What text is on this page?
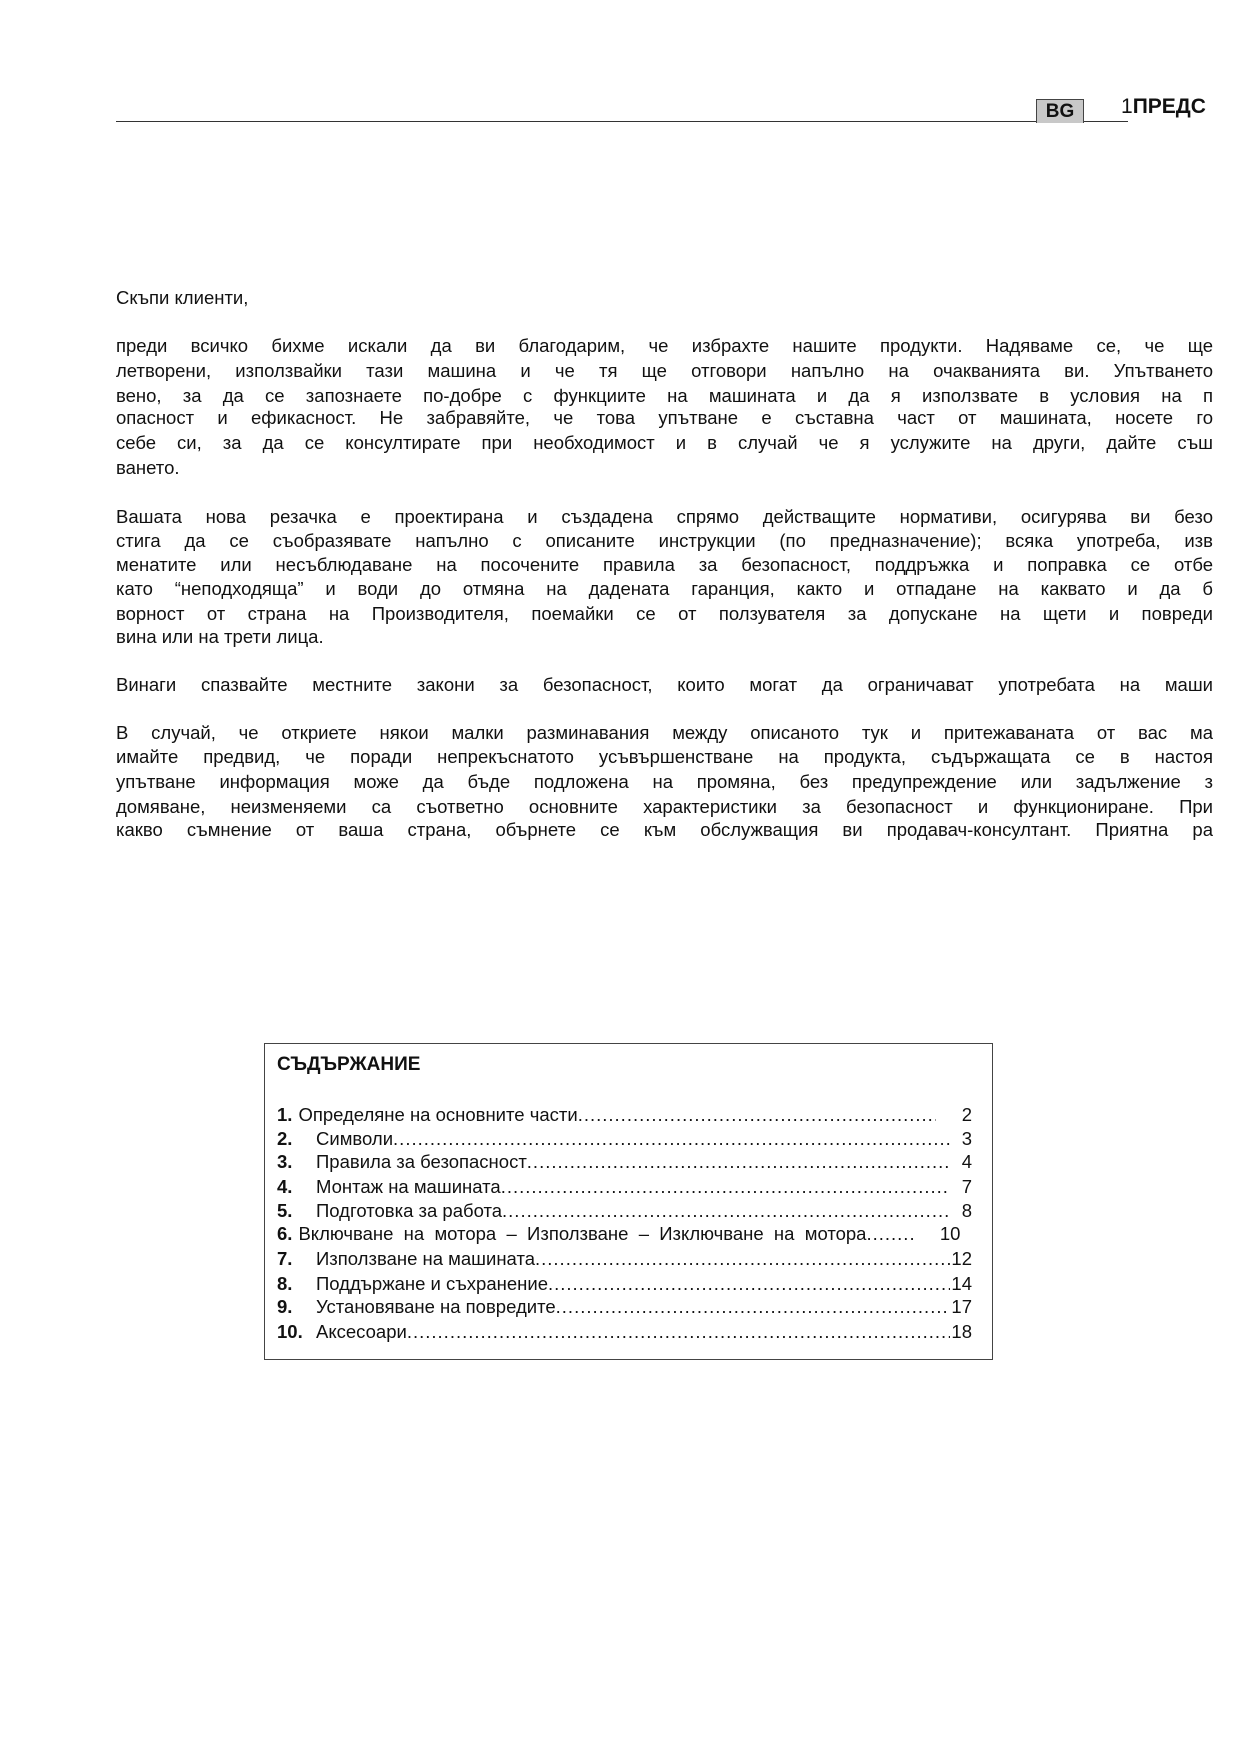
BG	1ПРЕДС
Скъпи клиенти,
преди всичко бихме искали да ви благодарим, че избрахте нашите продукти. Надяваме се, че ще
летворени, използвайки тази машина и че тя ще отговори напълно на очакванията ви. Упътването
вено, за да се запознаете по-добре с функциите на машината и да я използвате в условия на п
опасност и ефикасност. Не забравяйте, че това упътване е съставна част от машината, носете го
себе си, за да се консултирате при необходимост и в случай че я услужите на други, дайте съш
ването.
Вашата нова резачка е проектирана и създадена спрямо действащите нормативи, осигурява ви безо
стига да се съобразявате напълно с описаните инструкции (по предназначение); всяка употреба, изв
менатите или несъблюдаване на посочените правила за безопасност, поддръжка и поправка се отбе
като “неподходяща” и води до отмяна на дадената гаранция, както и отпадане на каквато и да б
ворност от страна на Производителя, поемайки се от ползувателя за допускане на щети и повреди
вина или на трети лица.
Винаги спазвайте местните закони за безопасност, които могат да ограничават употребата на маши
В случай, че откриете някои малки разминавания между описаното тук и притежаваната от вас ма
имайте предвид, че поради непрекъснатото усъвършенстване на продукта, съдържащата се в настоя
упътване информация може да бъде подложена на промяна, без предупреждение или задължение з
домяване, неизменяеми са съответно основните характеристики за безопасност и функциониране. При
какво съмнение от ваша страна, обърнете се към обслужващия ви продавач-консултант. Приятна ра
СЪДЪРЖАНИЕ
1. Определяне на основните части .....	2
2.	Символи .....	3
3.	Правила за безопасност .....	4
4.	Монтаж на машината .....	7
5.	Подготовка за работа .....	8
6. Включване  на  мотора  –  Използване  –  Изключване  на  мотора .....	10
7.	Използване на машината .....	12
8.	Поддържане и съхранение .....	14
9.	Установяване на повредите .....	17
10. Аксесоари .....	18
